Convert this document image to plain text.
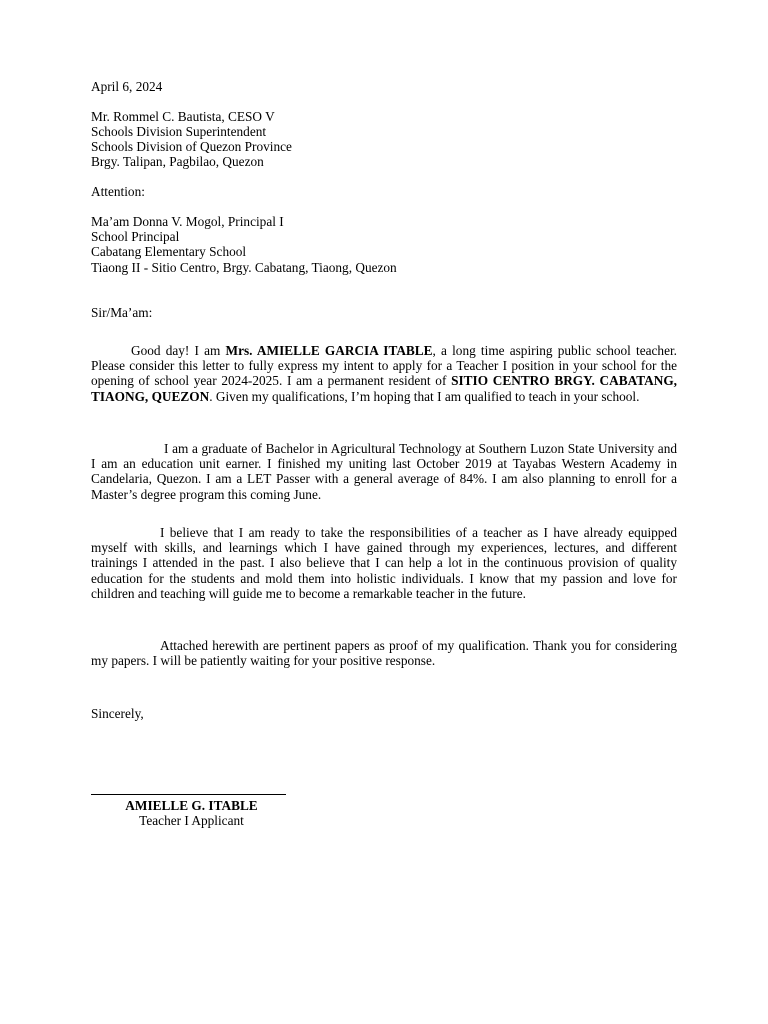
April 6, 2024
Mr. Rommel C. Bautista, CESO V
Schools Division Superintendent
Schools Division of Quezon Province
Brgy. Talipan, Pagbilao, Quezon
Attention:
Ma’am Donna V. Mogol, Principal I
School Principal
Cabatang Elementary School
Tiaong II - Sitio Centro, Brgy. Cabatang, Tiaong, Quezon
Sir/Ma’am:
Good day! I am Mrs. AMIELLE GARCIA ITABLE, a long time aspiring public school teacher. Please consider this letter to fully express my intent to apply for a Teacher I position in your school for the opening of school year 2024-2025. I am a permanent resident of SITIO CENTRO BRGY. CABATANG, TIAONG, QUEZON. Given my qualifications, I’m hoping that I am qualified to teach in your school.
I am a graduate of Bachelor in Agricultural Technology at Southern Luzon State University and I am an education unit earner. I finished my uniting last October 2019 at Tayabas Western Academy in Candelaria, Quezon. I am a LET Passer with a general average of 84%. I am also planning to enroll for a Master’s degree program this coming June.
I believe that I am ready to take the responsibilities of a teacher as I have already equipped myself with skills, and learnings which I have gained through my experiences, lectures, and different trainings I attended in the past. I also believe that I can help a lot in the continuous provision of quality education for the students and mold them into holistic individuals. I know that my passion and love for children and teaching will guide me to become a remarkable teacher in the future.
Attached herewith are pertinent papers as proof of my qualification. Thank you for considering my papers. I will be patiently waiting for your positive response.
Sincerely,
AMIELLE G. ITABLE
Teacher I Applicant
